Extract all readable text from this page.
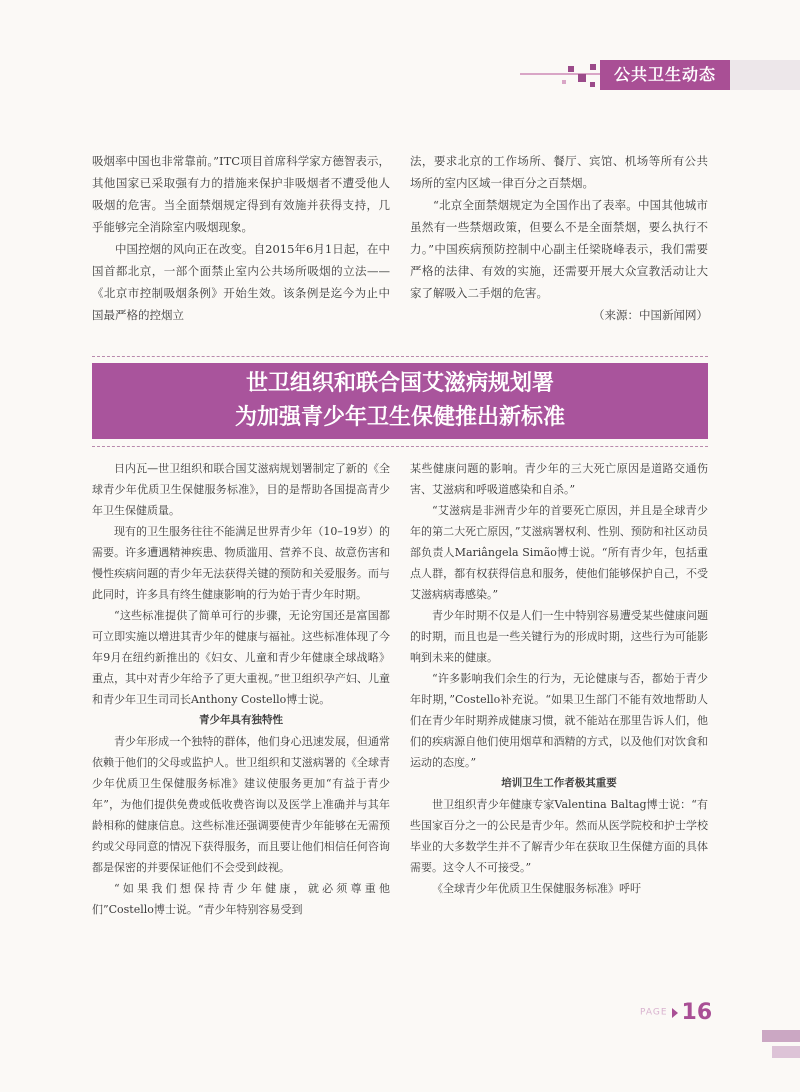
公共卫生动态

吸烟率中国也非常靠前。”ITC项目首席科学家方德智表示，其他国家已采取强有力的措施来保护非吸烟者不遭受他人吸烟的危害。当全面禁烟规定得到有效施并获得支持，几乎能够完全消除室内吸烟现象。

中国控烟的风向正在改变。自2015年6月1日起，在中国首都北京，一部个面禁止室内公共场所吸烟的立法——《北京市控制吸烟条例》开始生效。该条例是迄今为止中国最严格的控烟立

法，要求北京的工作场所、餐厅、宾馆、机场等所有公共场所的室内区域一律百分之百禁烟。

“北京全面禁烟规定为全国作出了表率。中国其他城市虽然有一些禁烟政策，但要么不是全面禁烟，要么执行不力。”中国疾病预防控制中心副主任梁晓峰表示，我们需要严格的法律、有效的实施，还需要开展大众宣教活动让大家了解吸入二手烟的危害。

（来源：中国新闻网）

世卫组织和联合国艾滋病规划署
为加强青少年卫生保健推出新标准

日内瓦—世卫组织和联合国艾滋病规划署制定了新的《全球青少年优质卫生保健服务标准》，目的是帮助各国提高青少年卫生保健质量。

现有的卫生服务往往不能满足世界青少年（10–19岁）的需要。许多遭遇精神疾患、物质滥用、营养不良、故意伤害和慢性疾病问题的青少年无法获得关键的预防和关爱服务。而与此同时，许多具有终生健康影响的行为始于青少年时期。

“这些标准提供了简单可行的步骤，无论穷国还是富国都可立即实施以增进其青少年的健康与福祉。这些标准体现了今年9月在纽约新推出的《妇女、儿童和青少年健康全球战略》重点，其中对青少年给予了更大重视。”世卫组织孕产妇、儿童和青少年卫生司司长Anthony Costello博士说。

青少年具有独特性

青少年形成一个独特的群体，他们身心迅速发展，但通常依赖于他们的父母或监护人。世卫组织和艾滋病署的《全球青少年优质卫生保健服务标准》建议使服务更加“有益于青少年”，为他们提供免费或低收费咨询以及医学上准确并与其年龄相称的健康信息。这些标准还强调要使青少年能够在无需预约或父母同意的情况下获得服务，而且要让他们相信任何咨询都是保密的并要保证他们不会受到歧视。

“如果我们想保持青少年健康，就必须尊重他们”Costello博士说。“青少年特别容易受到

某些健康问题的影响。青少年的三大死亡原因是道路交通伤害、艾滋病和呼吸道感染和自杀。”

“艾滋病是非洲青少年的首要死亡原因，并且是全球青少年的第二大死亡原因，”艾滋病署权利、性别、预防和社区动员部负责人Mariângela Simão博士说。“所有青少年，包括重点人群，都有权获得信息和服务，使他们能够保护自己，不受艾滋病病毒感染。”

青少年时期不仅是人们一生中特别容易遭受某些健康问题的时期，而且也是一些关键行为的形成时期，这些行为可能影响到未来的健康。

“许多影响我们余生的行为，无论健康与否，都始于青少年时期，”Costello补充说。“如果卫生部门不能有效地帮助人们在青少年时期养成健康习惯，就不能站在那里告诉人们，他们的疾病源自他们使用烟草和酒精的方式，以及他们对饮食和运动的态度。”

培训卫生工作者极其重要

世卫组织青少年健康专家Valentina Baltag博士说：“有些国家百分之一的公民是青少年。然而从医学院校和护士学校毕业的大多数学生并不了解青少年在获取卫生保健方面的具体需要。这令人不可接受。”

《全球青少年优质卫生保健服务标准》呼吁

PAGE 16
